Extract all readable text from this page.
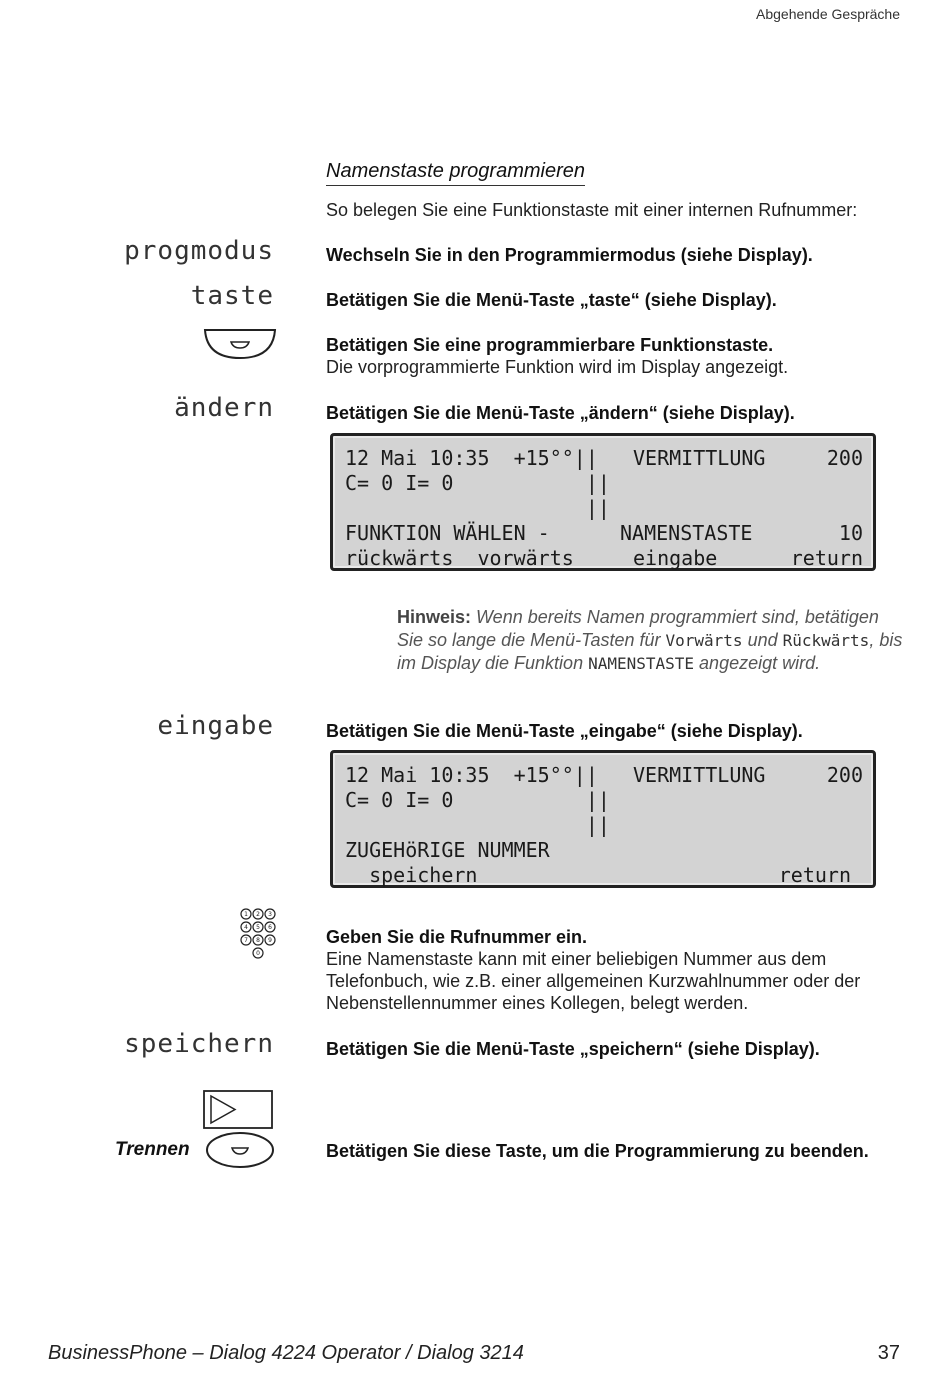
Abgehende Gespräche
Namenstaste programmieren
So belegen Sie eine Funktionstaste mit einer internen Rufnummer:
progmodus	Wechseln Sie in den Programmiermodus (siehe Display).
taste	Betätigen Sie die Menü-Taste „taste“ (siehe Display).
Betätigen Sie eine programmierbare Funktionstaste.
Die vorprogrammierte Funktion wird im Display angezeigt.
ändern	Betätigen Sie die Menü-Taste „ändern“ (siehe Display).
12 Mai 10:35  +15°°|| VERMITTLUNG	200
C= 0 I= 0           ||
||
FUNKTION WÄHLEN -	NAMENSTASTE	10
rückwärts  vorwärts	eingabe	return
Hinweis: Wenn bereits Namen programmiert sind, betätigen Sie so lange die Menü-Tasten für Vorwärts und Rückwärts, bis im Display die Funktion NAMENSTASTE angezeigt wird.
eingabe	Betätigen Sie die Menü-Taste „eingabe“ (siehe Display).
12 Mai 10:35  +15°°|| VERMITTLUNG	200
C= 0 I= 0           ||
||
ZUGEHöRIGE NUMMER
speichern	return
1 2 3
4 5 6
7 8 9
0
Geben Sie die Rufnummer ein.
Eine Namenstaste kann mit einer beliebigen Nummer aus dem Telefonbuch, wie z.B. einer allgemeinen Kurzwahlnummer oder der Nebenstellennummer eines Kollegen, belegt werden.
speichern	Betätigen Sie die Menü-Taste „speichern“ (siehe Display).
Trennen	Betätigen Sie diese Taste, um die Programmierung zu beenden.
BusinessPhone – Dialog 4224 Operator / Dialog 3214	37
